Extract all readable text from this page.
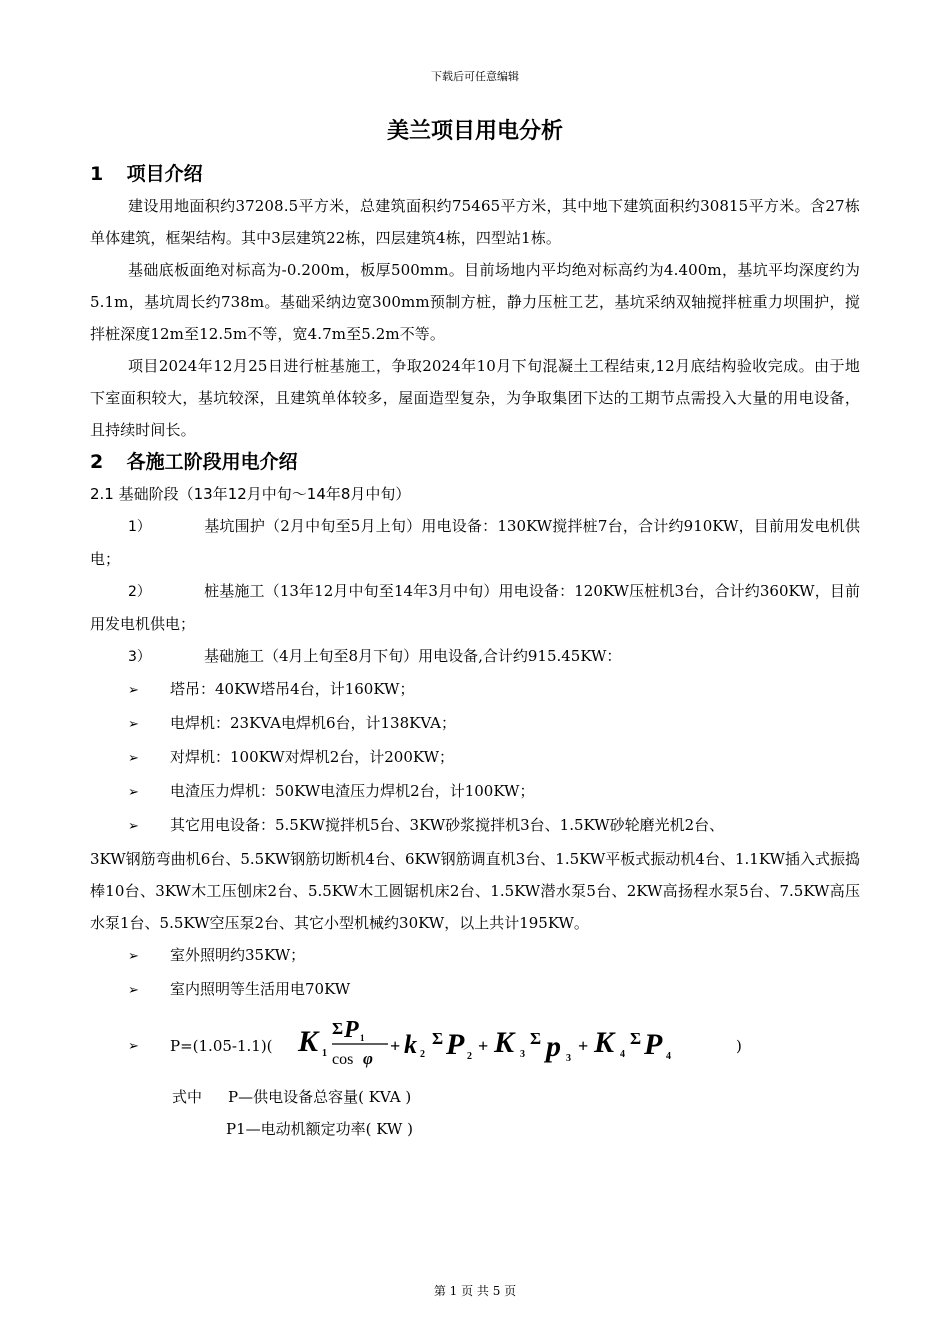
下载后可任意编辑
美兰项目用电分析
1 项目介绍

建设用地面积约37208.5平方米，总建筑面积约75465平方米，其中地下建筑面积约30815平方米。含27栋单体建筑，框架结构。其中3层建筑22栋，四层建筑4栋，四型站1栋。

基础底板面绝对标高为-0.200m，板厚500mm。目前场地内平均绝对标高约为4.400m，基坑平均深度约为5.1m，基坑周长约738m。基础采纳边宽300mm预制方桩，静力压桩工艺，基坑采纳双轴搅拌桩重力坝围护，搅拌桩深度12m至12.5m不等，宽4.7m至5.2m不等。

项目2024年12月25日进行桩基施工，争取2024年10月下旬混凝土工程结束,12月底结构验收完成。由于地下室面积较大，基坑较深，且建筑单体较多，屋面造型复杂，为争取集团下达的工期节点需投入大量的用电设备，且持续时间长。

2 各施工阶段用电介绍
2.1 基础阶段（13年12月中旬～14年8月中旬）

1）	基坑围护（2月中旬至5月上旬）用电设备：130KW搅拌桩7台，合计约910KW，目前用发电机供电；

2）	桩基施工（13年12月中旬至14年3月中旬）用电设备：120KW压桩机3台，合计约360KW，目前用发电机供电；

3）	基础施工（4月上旬至8月下旬）用电设备,合计约915.45KW：

➢ 塔吊：40KW塔吊4台，计160KW；

➢ 电焊机：23KVA电焊机6台，计138KVA；

➢ 对焊机：100KW对焊机2台，计200KW；

➢ 电渣压力焊机：50KW电渣压力焊机2台，计100KW；

➢ 其它用电设备：5.5KW搅拌机5台、3KW砂浆搅拌机3台、1.5KW砂轮磨光机2台、

3KW钢筋弯曲机6台、5.5KW钢筋切断机4台、6KW钢筋调直机3台、1.5KW平板式振动机4台、1.1KW插入式振捣棒10台、3KW木工压刨床2台、5.5KW木工圆锯机床2台、1.5KW潜水泵5台、2KW高扬程水泵5台、7.5KW高压水泵1台、5.5KW空压泵2台、其它小型机械约30KW，以上共计195KW。

➢ 室外照明约35KW；

➢ 室内照明等生活用电70KW

➢ P=(1.05-1.1)( K 1
Σ P 1
cos φ
+ k 2
Σ P 2
+ K 3
Σ p 3
+ K 4
Σ P 4
)

式中 P—供电设备总容量( KVA )

P1—电动机额定功率( KW )

第 1 页 共 5 页
